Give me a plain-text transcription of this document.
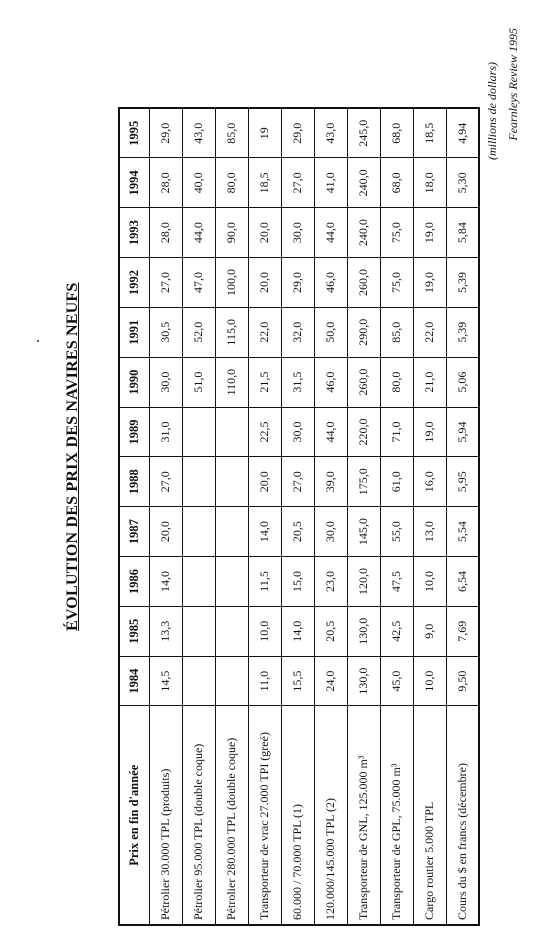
ÉVOLUTION DES PRIX DES NAVIRES NEUFS
Prix en fin d'année	1984	1985	1986	1987	1988	1989	1990	1991	1992	1993	1994	1995
Pétrolier 30.000 TPL (produits)	14,5	13,3	14,0	20,0	27,0	31,0	30,0	30,5	27,0	28,0	28,0	29,0
Pétrolier 95.000 TPL (double coque)							51,0	52,0	47,0	44,0	40,0	43,0
Pétrolier 280.000 TPL (double coque)							110,0	115,0	100,0	90,0	80,0	85,0
Transporteur de vrac 27.000 TPI (greé)	11,0	10,0	11,5	14,0	20,0	22,5	21,5	22,0	20,0	20,0	18,5	19
60.000 / 70.000 TPL (1)	15,5	14,0	15,0	20,5	27,0	30,0	31,5	32,0	29,0	30,0	27,0	29,0
120.000/145.000 TPL (2)	24,0	20,5	23,0	30,0	39,0	44,0	46,0	50,0	46,0	44,0	41,0	43,0
Transporteur de GNL, 125.000 m³	130,0	130,0	120,0	145,0	175,0	220,0	260,0	290,0	260,0	240,0	240,0	245,0
Transporteur de GPL, 75.000 m³	45,0	42,5	47,5	55,0	61,0	71,0	80,0	85,0	75,0	75,0	68,0	68,0
Cargo routier 5.000 TPL	10,0	9,0	10,0	13,0	16,0	19,0	21,0	22,0	19,0	19,0	18,0	18,5
Cours du $ en francs (décembre)	9,50	7,69	6,54	5,54	5,95	5,94	5,06	5,39	5,39	5,84	5,30	4,94 (millions de dollars) Fearnleys Review 1995
